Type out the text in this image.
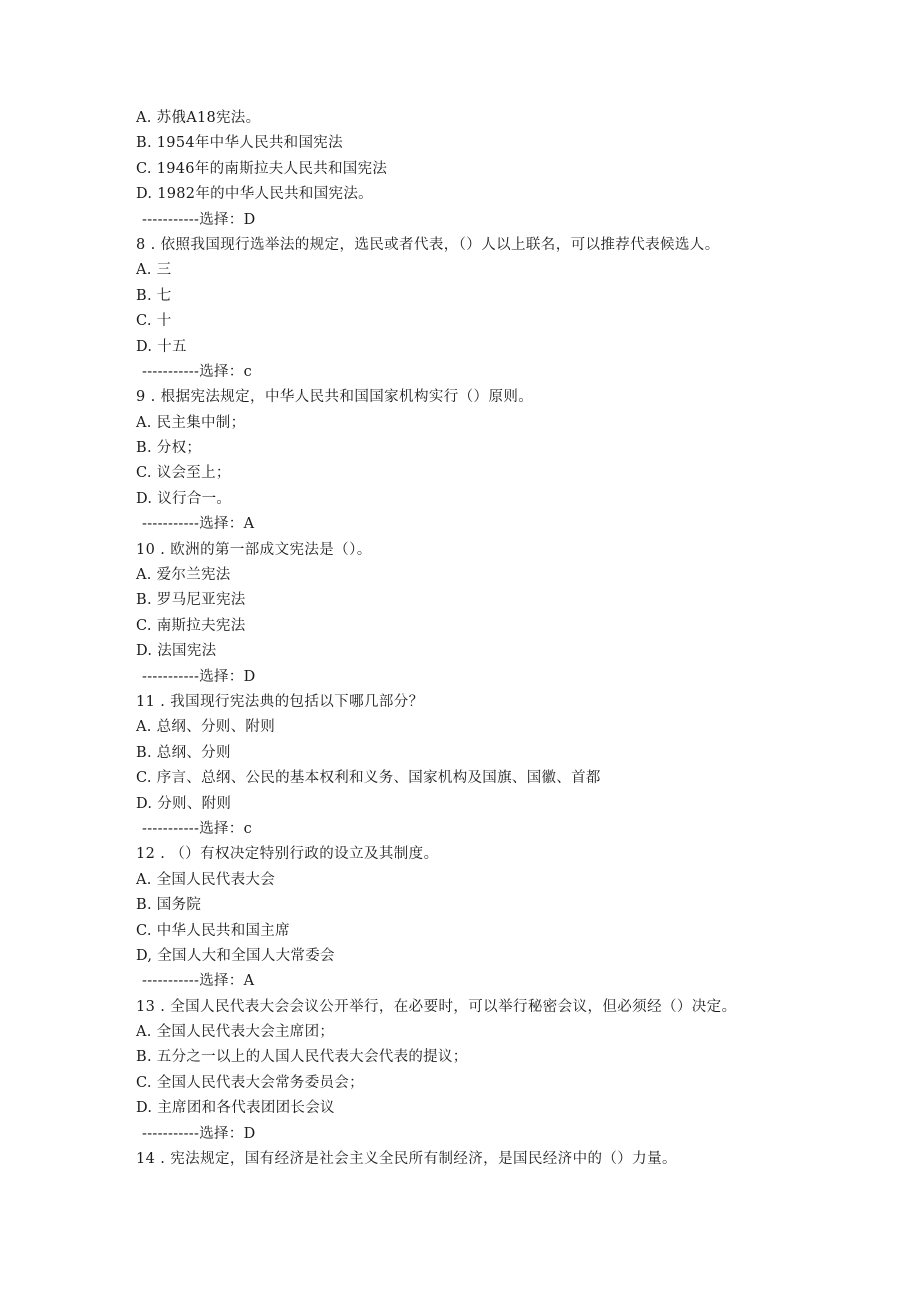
A. 苏俄A18宪法。
B. 1954年中华人民共和国宪法
C. 1946年的南斯拉夫人民共和国宪法
D. 1982年的中华人民共和国宪法。
-----------选择：D
8 . 依照我国现行选举法的规定，选民或者代表，（）人以上联名，可以推荐代表候选人。
A. 三
B. 七
C. 十
D. 十五
-----------选择：c
9 . 根据宪法规定，中华人民共和国国家机构实行（）原则。
A. 民主集中制；
B. 分权；
C. 议会至上；
D. 议行合一。
-----------选择：A
10 . 欧洲的第一部成文宪法是（）。
A. 爱尔兰宪法
B. 罗马尼亚宪法
C. 南斯拉夫宪法
D. 法国宪法
-----------选择：D
11 . 我国现行宪法典的包括以下哪几部分？
A. 总纲、分则、附则
B. 总纲、分则
C. 序言、总纲、公民的基本权利和义务、国家机构及国旗、国徽、首都
D. 分则、附则
-----------选择：c
12 . （）有权决定特别行政的设立及其制度。
A. 全国人民代表大会
B. 国务院
C. 中华人民共和国主席
D, 全国人大和全国人大常委会
-----------选择：A
13 . 全国人民代表大会会议公开举行，在必要时，可以举行秘密会议，但必须经（）决定。
A. 全国人民代表大会主席团；
B. 五分之一以上的人国人民代表大会代表的提议；
C. 全国人民代表大会常务委员会；
D. 主席团和各代表团团长会议
-----------选择：D
14 . 宪法规定，国有经济是社会主义全民所有制经济，是国民经济中的（）力量。
